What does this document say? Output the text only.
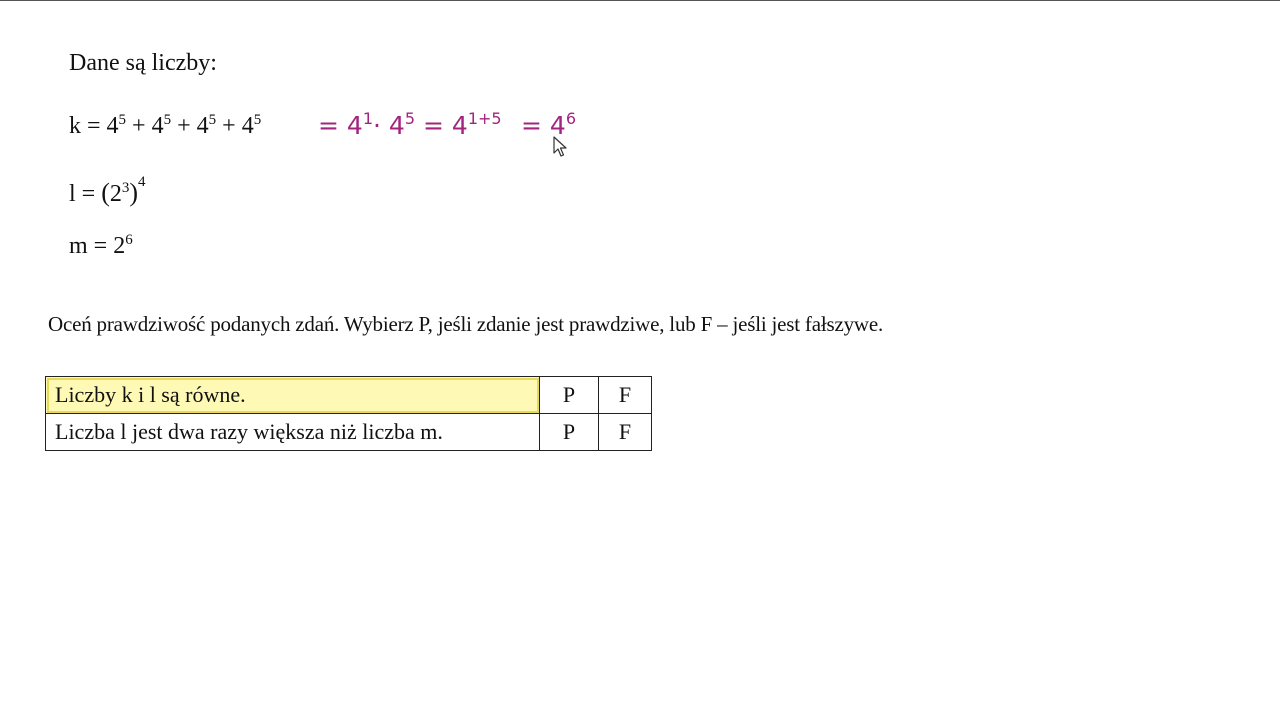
Dane są liczby:
$k = 4^5 + 4^5 + 4^5 + 4^5 = 4^1\cdot 4^5 = 4^{1+5} = 4^6$
$l = (2^3)^4$
$m = 2^6$
Oceń prawdziwość podanych zdań. Wybierz P, jeśli zdanie jest prawdziwe, lub F – jeśli jest fałszywe.
Liczby k i l są równe.	P	F
Liczba l jest dwa razy większa niż liczba m.	P	F
